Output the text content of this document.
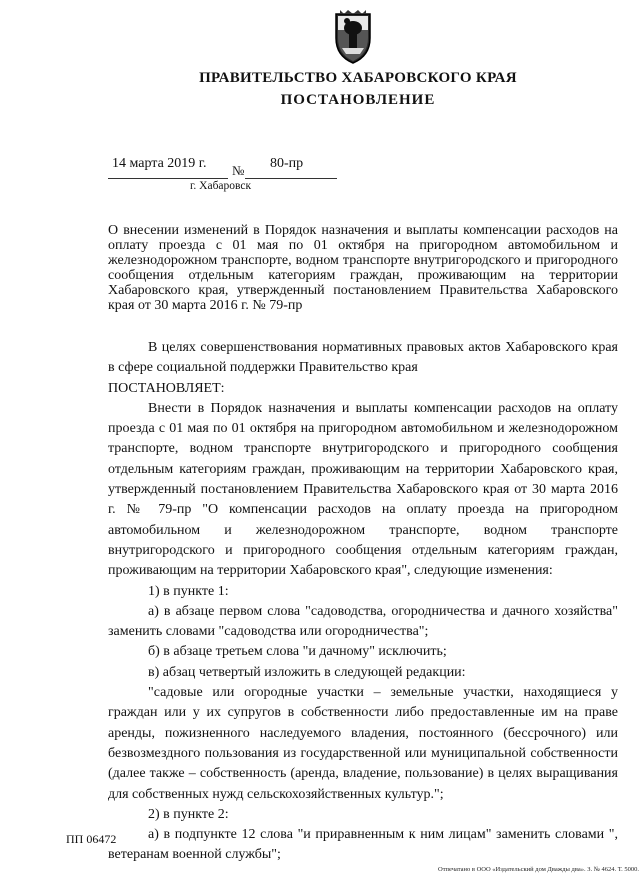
ПРАВИТЕЛЬСТВО ХАБАРОВСКОГО КРАЯ
ПОСТАНОВЛЕНИЕ
14 марта 2019 г. № 80-пр
г. Хабаровск
О внесении изменений в Порядок назначения и выплаты компенсации расходов на оплату проезда с 01 мая по 01 октября на пригородном автомобильном и железнодорожном транспорте, водном транспорте внутригородского и пригородного сообщения отдельным категориям граждан, проживающим на территории Хабаровского края, утвержденный постановлением Правительства Хабаровского края от 30 марта 2016 г. № 79-пр

В целях совершенствования нормативных правовых актов Хабаровского края в сфере социальной поддержки Правительство края

ПОСТАНОВЛЯЕТ:

Внести в Порядок назначения и выплаты компенсации расходов на оплату проезда с 01 мая по 01 октября на пригородном автомобильном и железнодорожном транспорте, водном транспорте внутригородского и пригородного сообщения отдельным категориям граждан, проживающим на территории Хабаровского края, утвержденный постановлением Правительства Хабаровского края от 30 марта 2016 г. № 79-пр "О компенсации расходов на оплату проезда на пригородном автомобильном и железнодорожном транспорте, водном транспорте внутригородского и пригородного сообщения отдельным категориям граждан, проживающим на территории Хабаровского края", следующие изменения:

1) в пункте 1:

а) в абзаце первом слова "садоводства, огородничества и дачного хозяйства" заменить словами "садоводства или огородничества";

б) в абзаце третьем слова "и дачному" исключить;

в) абзац четвертый изложить в следующей редакции:

"садовые или огородные участки – земельные участки, находящиеся у граждан или у их супругов в собственности либо предоставленные им на праве аренды, пожизненного наследуемого владения, постоянного (бессрочного) или безвозмездного пользования из государственной или муниципальной собственности (далее также – собственность (аренда, владение, пользование) в целях выращивания для собственных нужд сельскохозяйственных культур.";

2) в пункте 2:

а) в подпункте 12 слова "и приравненным к ним лицам" заменить словами ", ветеранам военной службы";

ПП 06472
Отпечатано в ООО «Издательский дом Дважды два». З. № 4624. Т. 5000.
